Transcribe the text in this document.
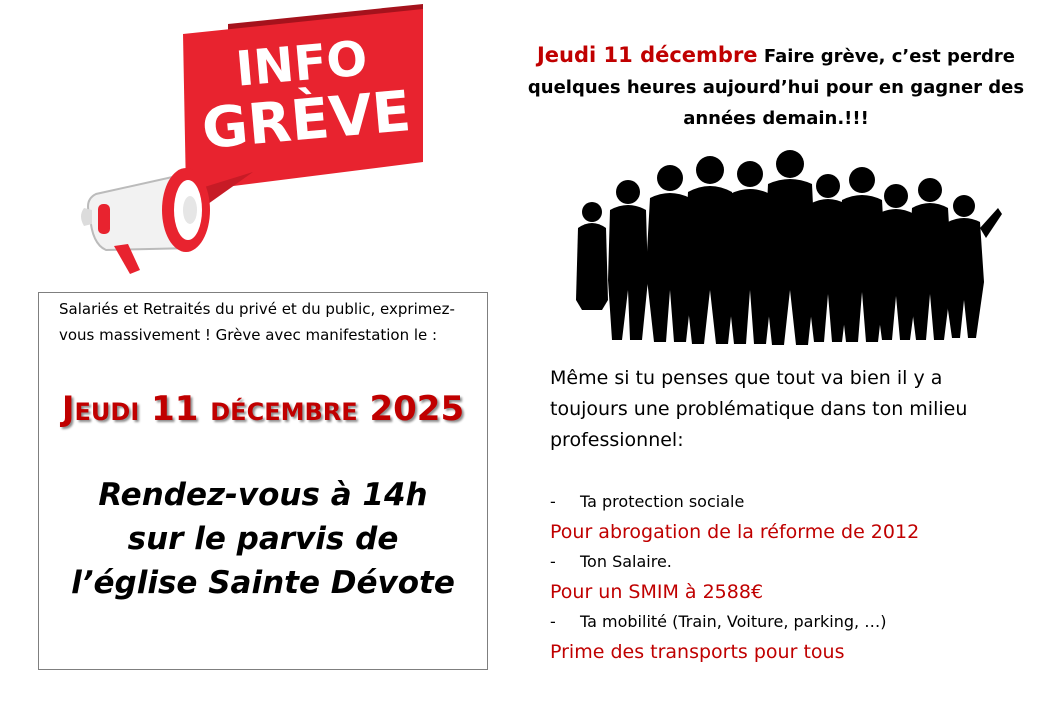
INFO
GRÈVE
Jeudi 11 décembre Faire grève, c’est perdre quelques heures aujourd’hui pour en gagner des années demain.!!!

Salariés et Retraités du privé et du public, exprimez-vous massivement ! Grève avec manifestation le :

Jeudi 11 décembre 2025

Rendez-vous à 14h
sur le parvis de
l’église Sainte Dévote

Même si tu penses que tout va bien il y a toujours une problématique dans ton milieu professionnel:

-	Ta protection sociale

Pour abrogation de la réforme de 2012

-	Ton Salaire.

Pour un SMIM à 2588€

-	Ta mobilité (Train, Voiture, parking, …)

Prime des transports pour tous
